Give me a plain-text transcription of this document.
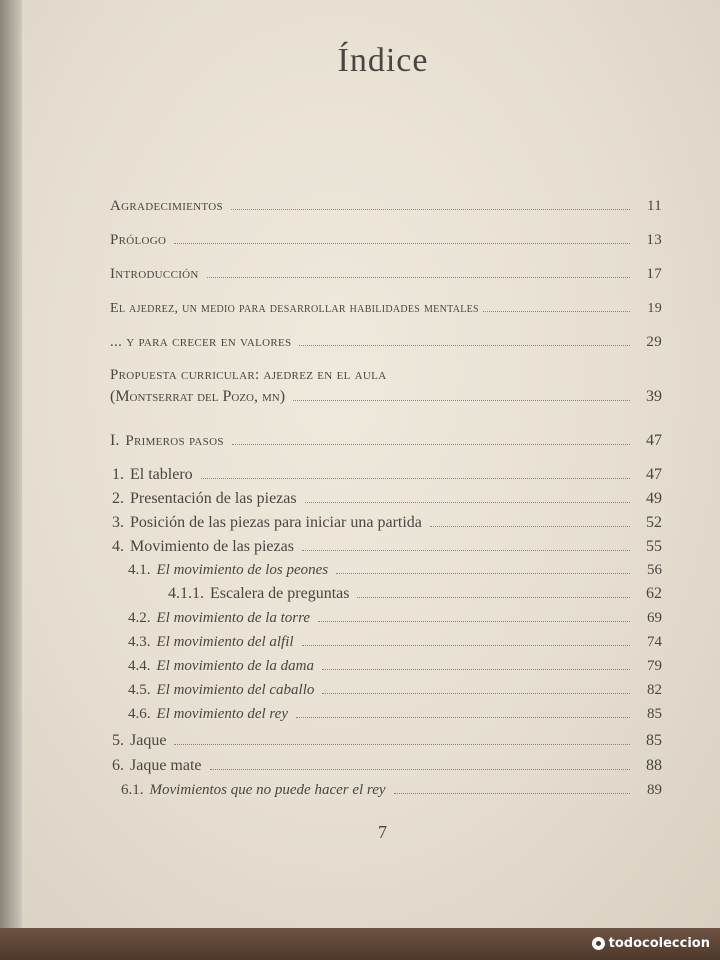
Índice
Agradecimientos	11
Prólogo	13
Introducción	17
El ajedrez, un medio para desarrollar habilidades mentales	19
... y para crecer en valores	29
Propuesta curricular: ajedrez en el aula
(Montserrat del Pozo, mn)	39
I. Primeros pasos	47
1. El tablero	47
2. Presentación de las piezas	49
3. Posición de las piezas para iniciar una partida	52
4. Movimiento de las piezas	55
4.1. El movimiento de los peones	56
4.1.1. Escalera de preguntas	62
4.2. El movimiento de la torre	69
4.3. El movimiento del alfil	74
4.4. El movimiento de la dama	79
4.5. El movimiento del caballo	82
4.6. El movimiento del rey	85
5. Jaque	85
6. Jaque mate	88
6.1. Movimientos que no puede hacer el rey	89
7
todocoleccion
